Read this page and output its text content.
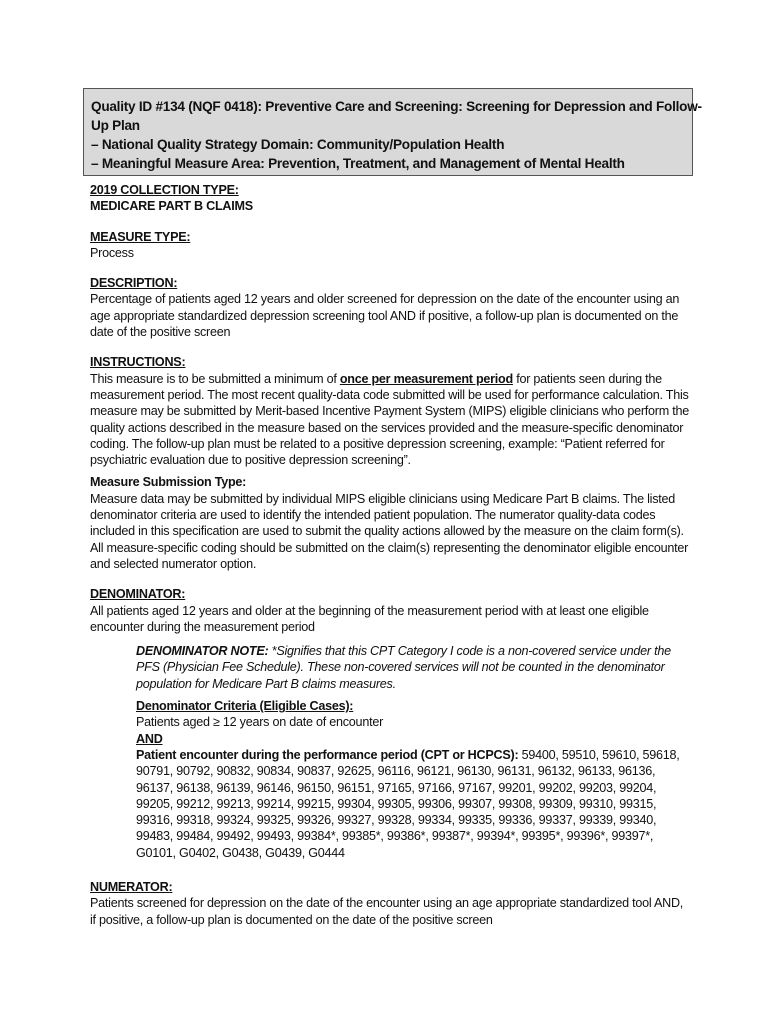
Quality ID #134 (NQF 0418): Preventive Care and Screening: Screening for Depression and Follow-
Up Plan
– National Quality Strategy Domain: Community/Population Health
– Meaningful Measure Area: Prevention, Treatment, and Management of Mental Health

2019 COLLECTION TYPE:

MEDICARE PART B CLAIMS

MEASURE TYPE:

Process

DESCRIPTION:

Percentage of patients aged 12 years and older screened for depression on the date of the encounter using an age appropriate standardized depression screening tool AND if positive, a follow-up plan is documented on the date of the positive screen

INSTRUCTIONS:

This measure is to be submitted a minimum of once per measurement period for patients seen during the measurement period. The most recent quality-data code submitted will be used for performance calculation. This measure may be submitted by Merit-based Incentive Payment System (MIPS) eligible clinicians who perform the quality actions described in the measure based on the services provided and the measure-specific denominator coding. The follow-up plan must be related to a positive depression screening, example: “Patient referred for psychiatric evaluation due to positive depression screening”.

Measure Submission Type:

Measure data may be submitted by individual MIPS eligible clinicians using Medicare Part B claims. The listed denominator criteria are used to identify the intended patient population. The numerator quality-data codes included in this specification are used to submit the quality actions allowed by the measure on the claim form(s). All measure-specific coding should be submitted on the claim(s) representing the denominator eligible encounter and selected numerator option.

DENOMINATOR:

All patients aged 12 years and older at the beginning of the measurement period with at least one eligible encounter during the measurement period

DENOMINATOR NOTE: *Signifies that this CPT Category I code is a non-covered service under the PFS (Physician Fee Schedule). These non-covered services will not be counted in the denominator population for Medicare Part B claims measures.

Denominator Criteria (Eligible Cases):

Patients aged ≥ 12 years on date of encounter

AND

Patient encounter during the performance period (CPT or HCPCS): 59400, 59510, 59610, 59618, 90791, 90792, 90832, 90834, 90837, 92625, 96116, 96121, 96130, 96131, 96132, 96133, 96136, 96137, 96138, 96139, 96146, 96150, 96151, 97165, 97166, 97167, 99201, 99202, 99203, 99204, 99205, 99212, 99213, 99214, 99215, 99304, 99305, 99306, 99307, 99308, 99309, 99310, 99315, 99316, 99318, 99324, 99325, 99326, 99327, 99328, 99334, 99335, 99336, 99337, 99339, 99340, 99483, 99484, 99492, 99493, 99384*, 99385*, 99386*, 99387*, 99394*, 99395*, 99396*, 99397*, G0101, G0402, G0438, G0439, G0444

NUMERATOR:

Patients screened for depression on the date of the encounter using an age appropriate standardized tool AND, if positive, a follow-up plan is documented on the date of the positive screen
